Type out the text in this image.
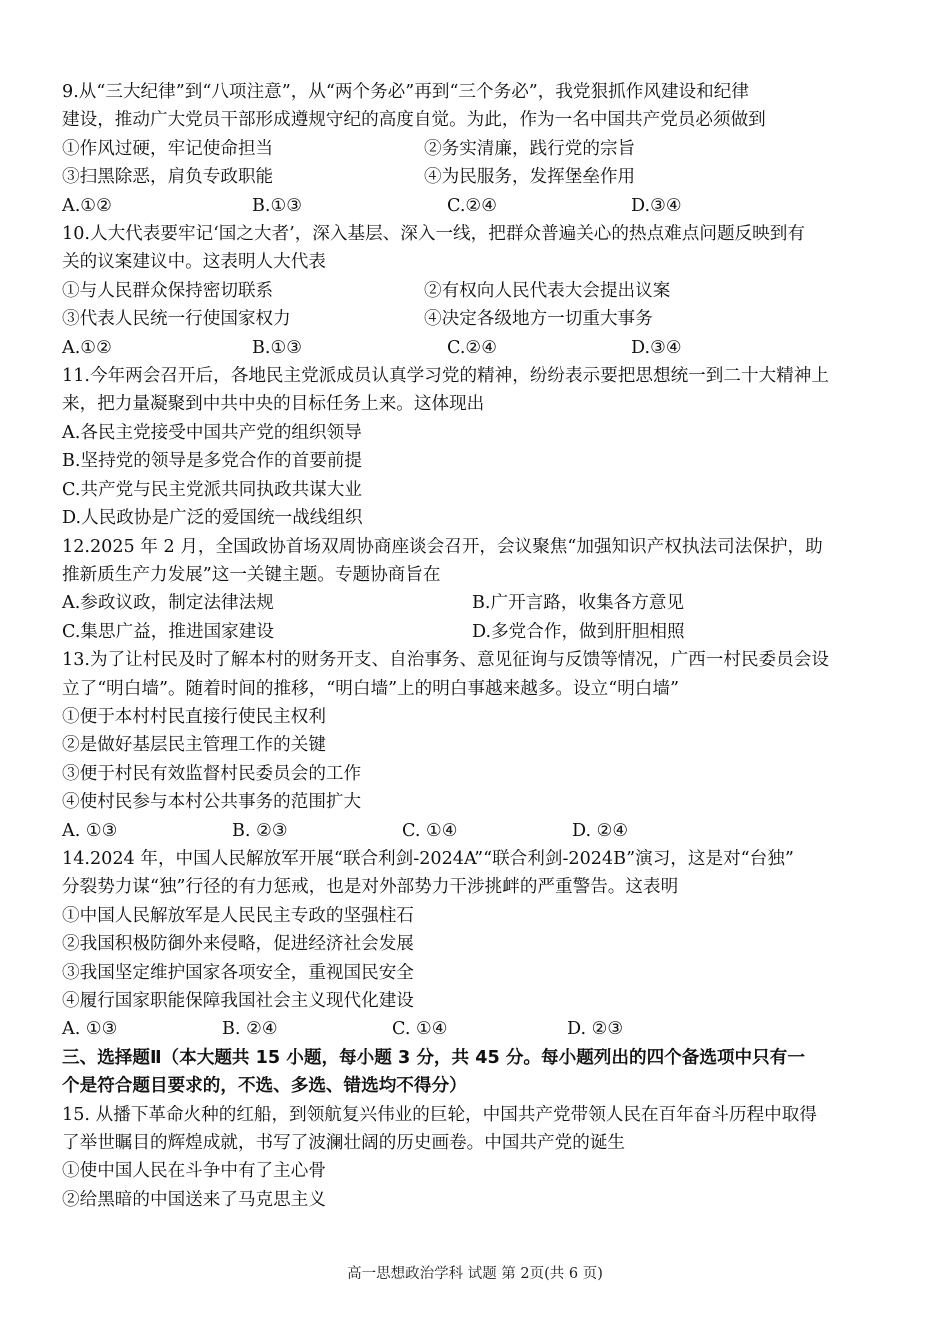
9.从“三大纪律”到“八项注意”，从“两个务必”再到“三个务必”，我党狠抓作风建设和纪律

建设，推动广大党员干部形成遵规守纪的高度自觉。为此，作为一名中国共产党员必须做到

①作风过硬，牢记使命担当	②务实清廉，践行党的宗旨
③扫黑除恶，肩负专政职能	④为民服务，发挥堡垒作用
A.①②	B.①③	C.②④	D.③④

10.人大代表要牢记‘国之大者’，深入基层、深入一线，把群众普遍关心的热点难点问题反映到有

关的议案建议中。这表明人大代表

①与人民群众保持密切联系	②有权向人民代表大会提出议案
③代表人民统一行使国家权力	④决定各级地方一切重大事务
A.①②	B.①③	C.②④	D.③④

11.今年两会召开后，各地民主党派成员认真学习党的精神，纷纷表示要把思想统一到二十大精神上

来，把力量凝聚到中共中央的目标任务上来。这体现出

A.各民主党接受中国共产党的组织领导

B.坚持党的领导是多党合作的首要前提

C.共产党与民主党派共同执政共谋大业

D.人民政协是广泛的爱国统一战线组织

12.2025 年 2 月，全国政协首场双周协商座谈会召开，会议聚焦“加强知识产权执法司法保护，助

推新质生产力发展”这一关键主题。专题协商旨在

A.参政议政，制定法律法规	B.广开言路，收集各方意见
C.集思广益，推进国家建设	D.多党合作，做到肝胆相照

13.为了让村民及时了解本村的财务开支、自治事务、意见征询与反馈等情况，广西一村民委员会设

立了“明白墙”。随着时间的推移，“明白墙”上的明白事越来越多。设立“明白墙”

①便于本村村民直接行使民主权利

②是做好基层民主管理工作的关键

③便于村民有效监督村民委员会的工作

④使村民参与本村公共事务的范围扩大

A. ①③	B. ②③	C. ①④	D. ②④

14.2024 年，中国人民解放军开展“联合利剑-2024A”“联合利剑-2024B”演习，这是对“台独”

分裂势力谋“独”行径的有力惩戒，也是对外部势力干涉挑衅的严重警告。这表明

①中国人民解放军是人民民主专政的坚强柱石

②我国积极防御外来侵略，促进经济社会发展

③我国坚定维护国家各项安全，重视国民安全

④履行国家职能保障我国社会主义现代化建设

A. ①③	B. ②④	C. ①④	D. ②③

三、选择题Ⅱ（本大题共 15 小题，每小题 3 分，共 45 分。每小题列出的四个备选项中只有一

个是符合题目要求的，不选、多选、错选均不得分）

15. 从播下革命火种的红船，到领航复兴伟业的巨轮，中国共产党带领人民在百年奋斗历程中取得

了举世瞩目的辉煌成就，书写了波澜壮阔的历史画卷。中国共产党的诞生

①使中国人民在斗争中有了主心骨

②给黑暗的中国送来了马克思主义

高一思想政治学科 试题 第 2页(共 6 页)
